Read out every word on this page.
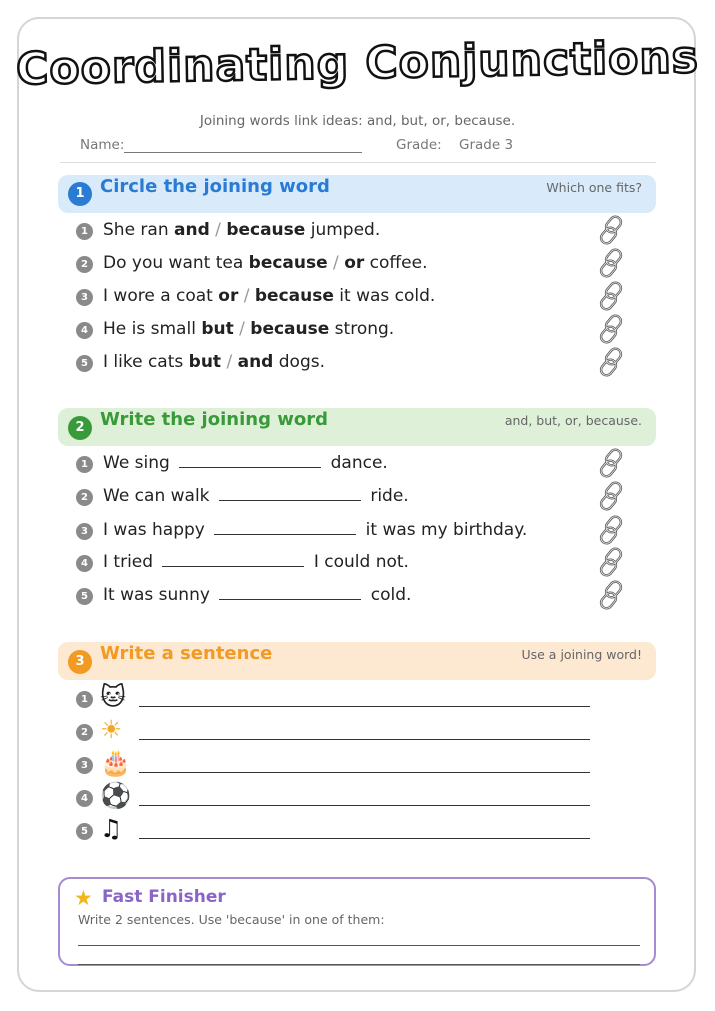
Coordinating Conjunctions
Joining words link ideas: and, but, or, because.
Name:	Grade: Grade 3
1 Circle the joining word	Which one fits?
1 She ran and / because jumped.
2 Do you want tea because / or coffee.
3 I wore a coat or / because it was cold.
4 He is small but / because strong.
5 I like cats but / and dogs.
2 Write the joining word	and, but, or, because.
1 We sing	dance.
2 We can walk	ride.
3 I was happy	it was my birthday.
4 I tried	I could not.
5 It was sunny	cold.
3 Write a sentence	Use a joining word!
1 🐱
2 ☀
3 🎂
4 ⚽
5 ♫
★ Fast Finisher
Write 2 sentences. Use 'because' in one of them:
